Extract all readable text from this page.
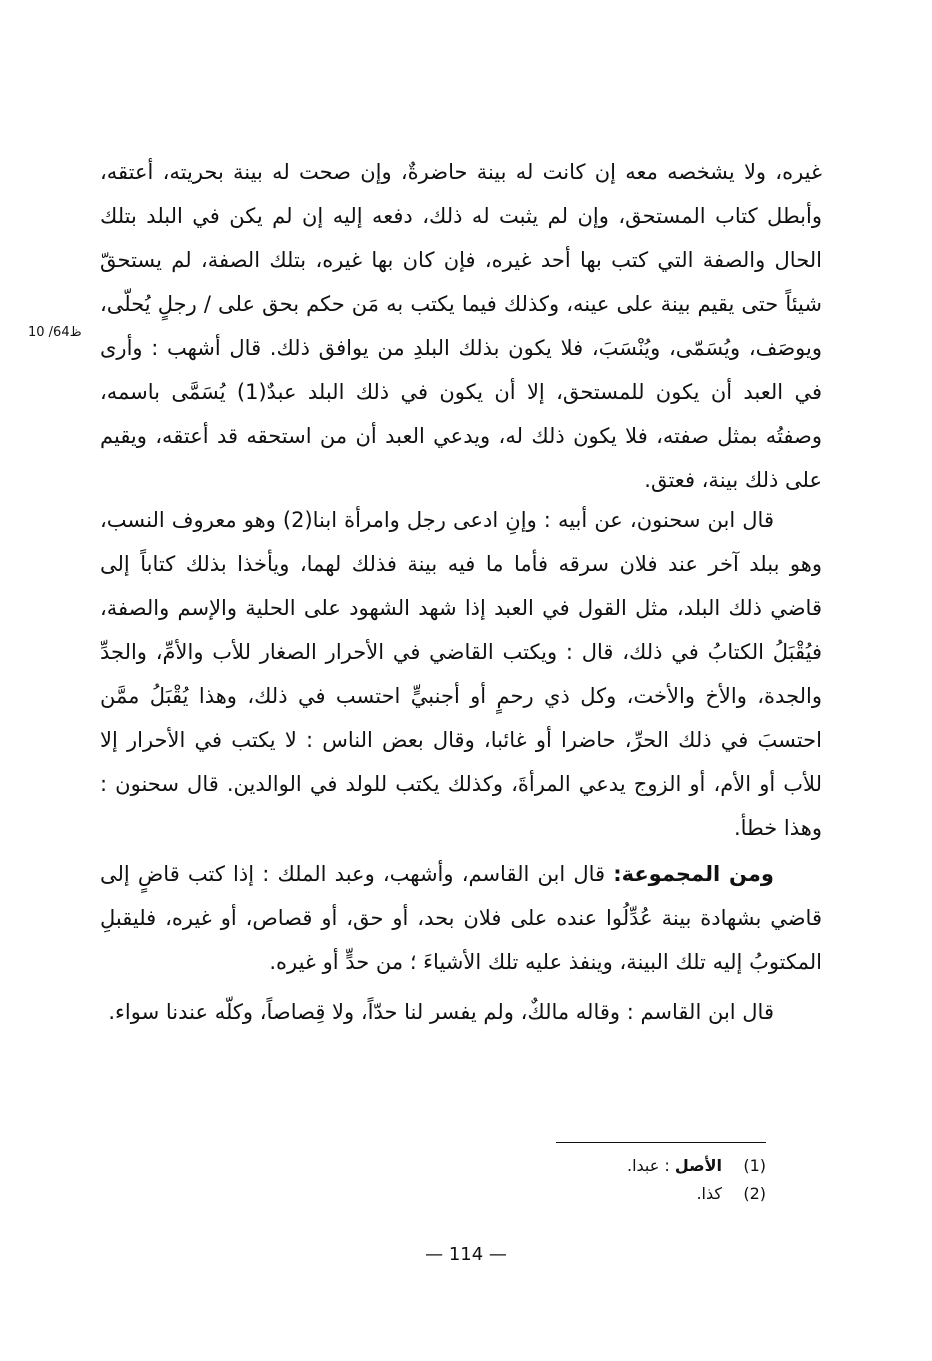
10 /64ظ

غيره، ولا يشخصه معه إن كانت له بينة حاضرةٌ، وإن صحت له بينة بحريته، أعتقه، وأبطل كتاب المستحق، وإن لم يثبت له ذلك، دفعه إليه إن لم يكن في البلد بتلك الحال والصفة التي كتب بها أحد غيره، فإن كان بها غيره، بتلك الصفة، لم يستحقّ شيئاً حتى يقيم بينة على عينه، وكذلك فيما يكتب به مَن حكم بحق على / رجلٍ يُحلّى، ويوصَف، ويُسَمّى، ويُنْسَبَ، فلا يكون بذلك البلدِ من يوافق ذلك. قال أشهب : وأرى في العبد أن يكون للمستحق، إلا أن يكون في ذلك البلد عبدٌ(1) يُسَمَّى باسمه، وصفتُه بمثل صفته، فلا يكون ذلك له، ويدعي العبد أن من استحقه قد أعتقه، ويقيم على ذلك بينة، فعتق.

قال ابن سحنون، عن أبيه : وإنِ ادعى رجل وامرأة ابنا(2) وهو معروف النسب، وهو ببلد آخر عند فلان سرقه فأما ما فيه بينة فذلك لهما، ويأخذا بذلك كتاباً إلى قاضي ذلك البلد، مثل القول في العبد إذا شهد الشهود على الحلية والإسم والصفة، فيُقْبَلُ الكتابُ في ذلك، قال : ويكتب القاضي في الأحرار الصغار للأب والأمِّ، والجدِّ والجدة، والأخ والأخت، وكل ذي رحمٍ أو أجنبيٍّ احتسب في ذلك، وهذا يُقْبَلُ ممَّن احتسبَ في ذلك الحرِّ، حاضرا أو غائبا، وقال بعض الناس : لا يكتب في الأحرار إلا للأب أو الأم، أو الزوج يدعي المرأةَ، وكذلك يكتب للولد في الوالدين. قال سحنون : وهذا خطأ.

ومن المجموعة: قال ابن القاسم، وأشهب، وعبد الملك : إذا كتب قاضٍ إلى قاضي بشهادة بينة عُدِّلُوا عنده على فلان بحد، أو حق، أو قصاص، أو غيره، فليقبلِ المكتوبُ إليه تلك البينة، وينفذ عليه تلك الأشياءَ ؛ من حدٍّ أو غيره.

قال ابن القاسم : وقاله مالكٌ، ولم يفسر لنا حدّاً، ولا قِصاصاً، وكلّه عندنا سواء.

(1)
الأصل : عبدا.
(2)
كذا.
— 114 —
